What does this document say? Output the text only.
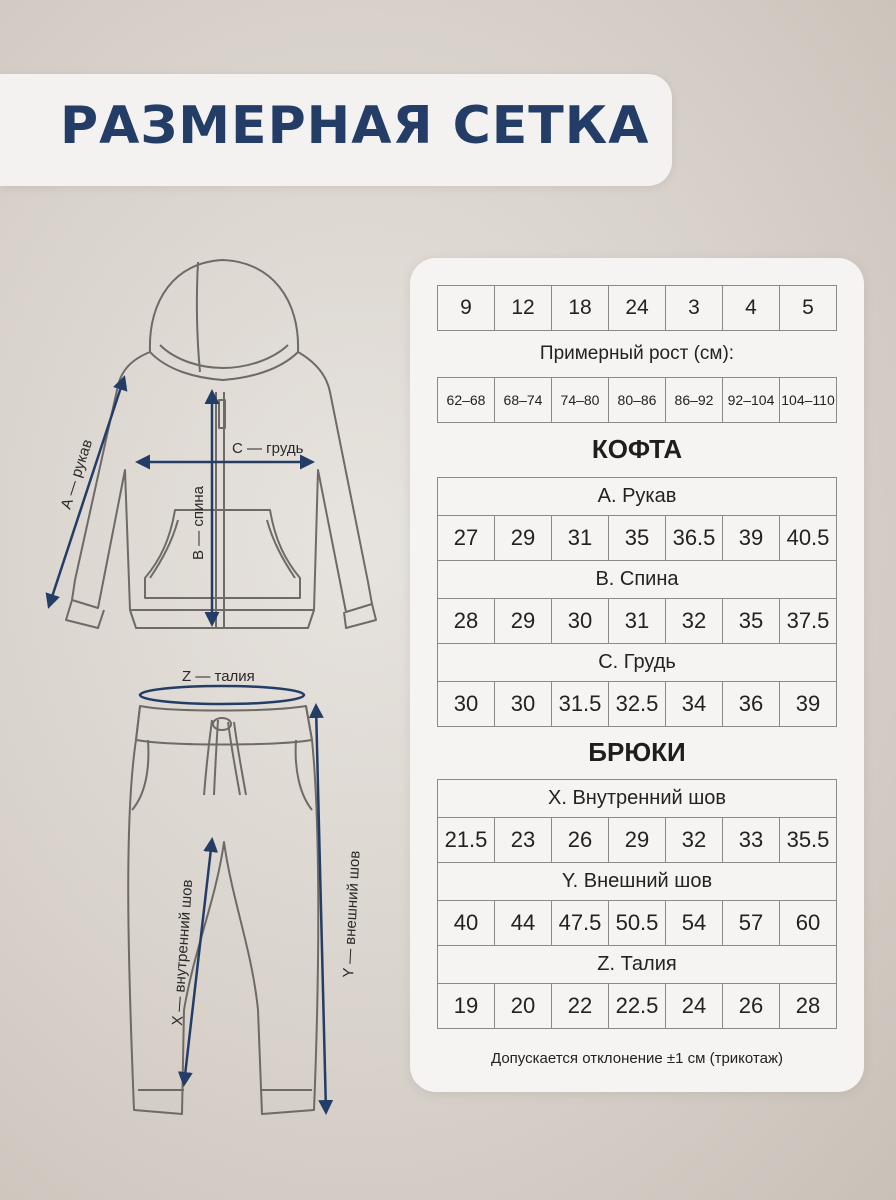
РАЗМЕРНАЯ СЕТКА
А — рукав
В — спина
С — грудь
Z — талия
Х — внутренний шов	Y — внешний шов
9	12	18	24	3	4	5
Примерный рост (см):
62–68	68–74	74–80	80–86	86–92	92–104	104–110
КОФТА
А. Рукав						
27	29	31	35	36.5	39	40.5
В. Спина						
28	29	30	31	32	35	37.5
С. Грудь						
30	30	31.5	32.5	34	36	39
БРЮКИ
Х. Внутренний шов						
21.5	23	26	29	32	33	35.5
Y. Внешний шов						
40	44	47.5	50.5	54	57	60
Z. Талия						
19	20	22	22.5	24	26	28
Допускается отклонение ±1 см (трикотаж)
